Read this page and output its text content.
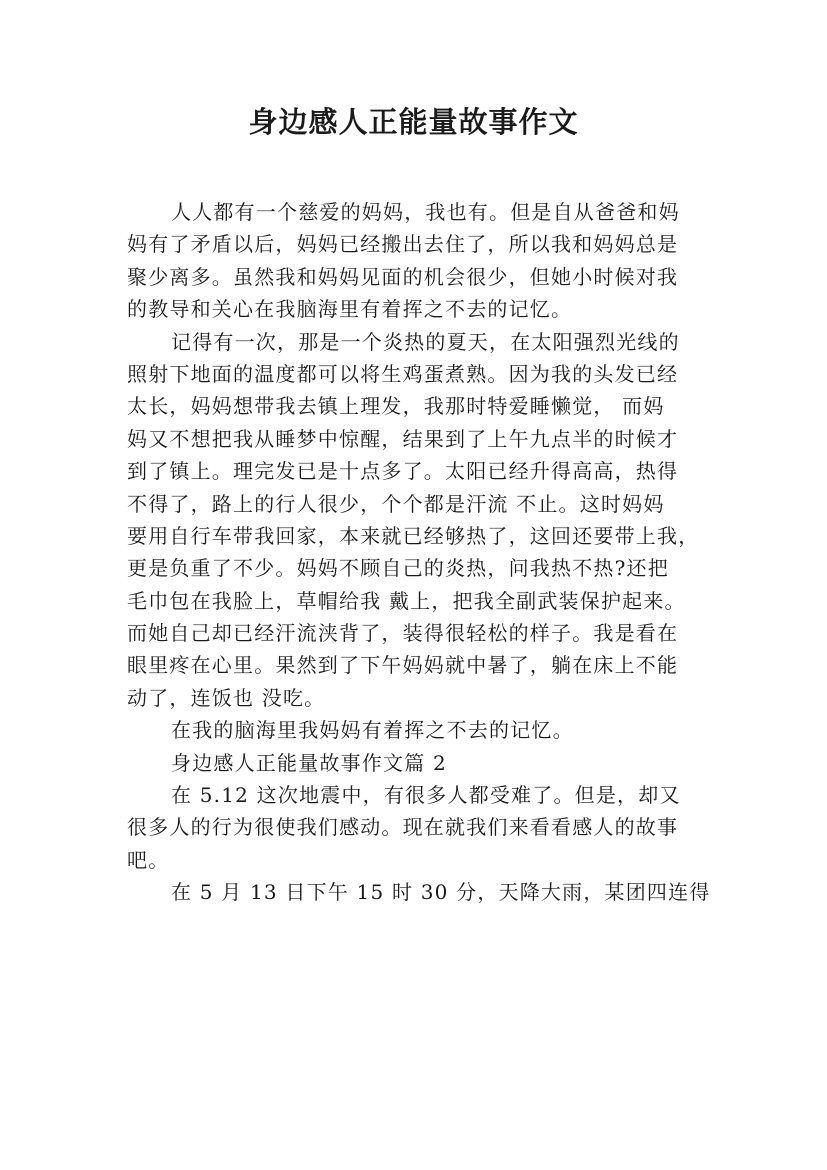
身边感人正能量故事作文
人人都有一个慈爱的妈妈，我也有。但是自从爸爸和妈
妈有了矛盾以后，妈妈已经搬出去住了，所以我和妈妈总是
聚少离多。虽然我和妈妈见面的机会很少，但她小时候对我
的教导和关心在我脑海里有着挥之不去的记忆。
记得有一次，那是一个炎热的夏天，在太阳强烈光线的
照射下地面的温度都可以将生鸡蛋煮熟。因为我的头发已经
太长，妈妈想带我去镇上理发，我那时特爱睡懒觉， 而妈
妈又不想把我从睡梦中惊醒，结果到了上午九点半的时候才
到了镇上。理完发已是十点多了。太阳已经升得高高，热得
不得了，路上的行人很少，个个都是汗流 不止。这时妈妈
要用自行车带我回家，本来就已经够热了，这回还要带上我，
更是负重了不少。妈妈不顾自己的炎热，问我热不热?还把
毛巾包在我脸上，草帽给我 戴上，把我全副武装保护起来。
而她自己却已经汗流浃背了，装得很轻松的样子。我是看在
眼里疼在心里。果然到了下午妈妈就中暑了，躺在床上不能
动了，连饭也 没吃。
在我的脑海里我妈妈有着挥之不去的记忆。
身边感人正能量故事作文篇 2
在 5.12 这次地震中，有很多人都受难了。但是，却又
很多人的行为很使我们感动。现在就我们来看看感人的故事
吧。
在 5 月 13 日下午 15 时 30 分，天降大雨，某团四连得
